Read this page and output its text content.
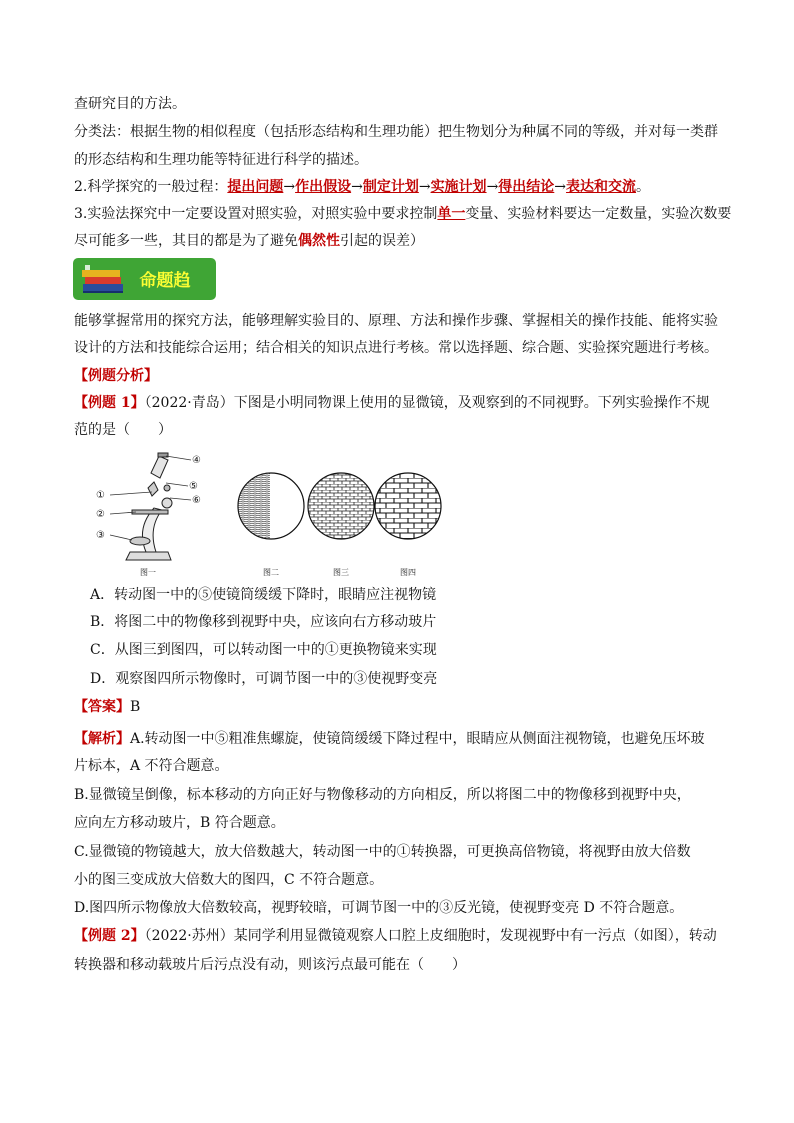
查研究目的方法。
分类法：根据生物的相似程度（包括形态结构和生理功能）把生物划分为种属不同的等级，并对每一类群
的形态结构和生理功能等特征进行科学的描述。
2.科学探究的一般过程：提出问题→作出假设→制定计划→实施计划→得出结论→表达和交流。
3.实验法探究中一定要设置对照实验，对照实验中要求控制单一变量、实验材料要达一定数量，实验次数要
尽可能多一些，其目的都是为了避免偶然性引起的误差）
命题趋
能够掌握常用的探究方法，能够理解实验目的、原理、方法和操作步骤、掌握相关的操作技能、能将实验
设计的方法和技能综合运用；结合相关的知识点进行考核。常以选择题、综合题、实验探究题进行考核。
【例题分析】
【例题 1】（2022·青岛）下图是小明同物课上使用的显微镜，及观察到的不同视野。下列实验操作不规
范的是（　　）
①
②
③
④
⑤
⑥
图一	图二	图三	图四
A．转动图一中的⑤使镜筒缓缓下降时，眼睛应注视物镜
B．将图二中的物像移到视野中央，应该向右方移动玻片
C．从图三到图四，可以转动图一中的①更换物镜来实现
D．观察图四所示物像时，可调节图一中的③使视野变亮
【答案】B
【解析】A.转动图一中⑤粗准焦螺旋，使镜筒缓缓下降过程中，眼睛应从侧面注视物镜，也避免压坏玻
片标本，A 不符合题意。
B.显微镜呈倒像，标本移动的方向正好与物像移动的方向相反，所以将图二中的物像移到视野中央，
应向左方移动玻片，B 符合题意。
C.显微镜的物镜越大，放大倍数越大，转动图一中的①转换器，可更换高倍物镜，将视野由放大倍数
小的图三变成放大倍数大的图四，C 不符合题意。
D.图四所示物像放大倍数较高，视野较暗，可调节图一中的③反光镜，使视野变亮 D 不符合题意。
【例题 2】（2022·苏州）某同学利用显微镜观察人口腔上皮细胞时，发现视野中有一污点（如图），转动
转换器和移动载玻片后污点没有动，则该污点最可能在（　　）
